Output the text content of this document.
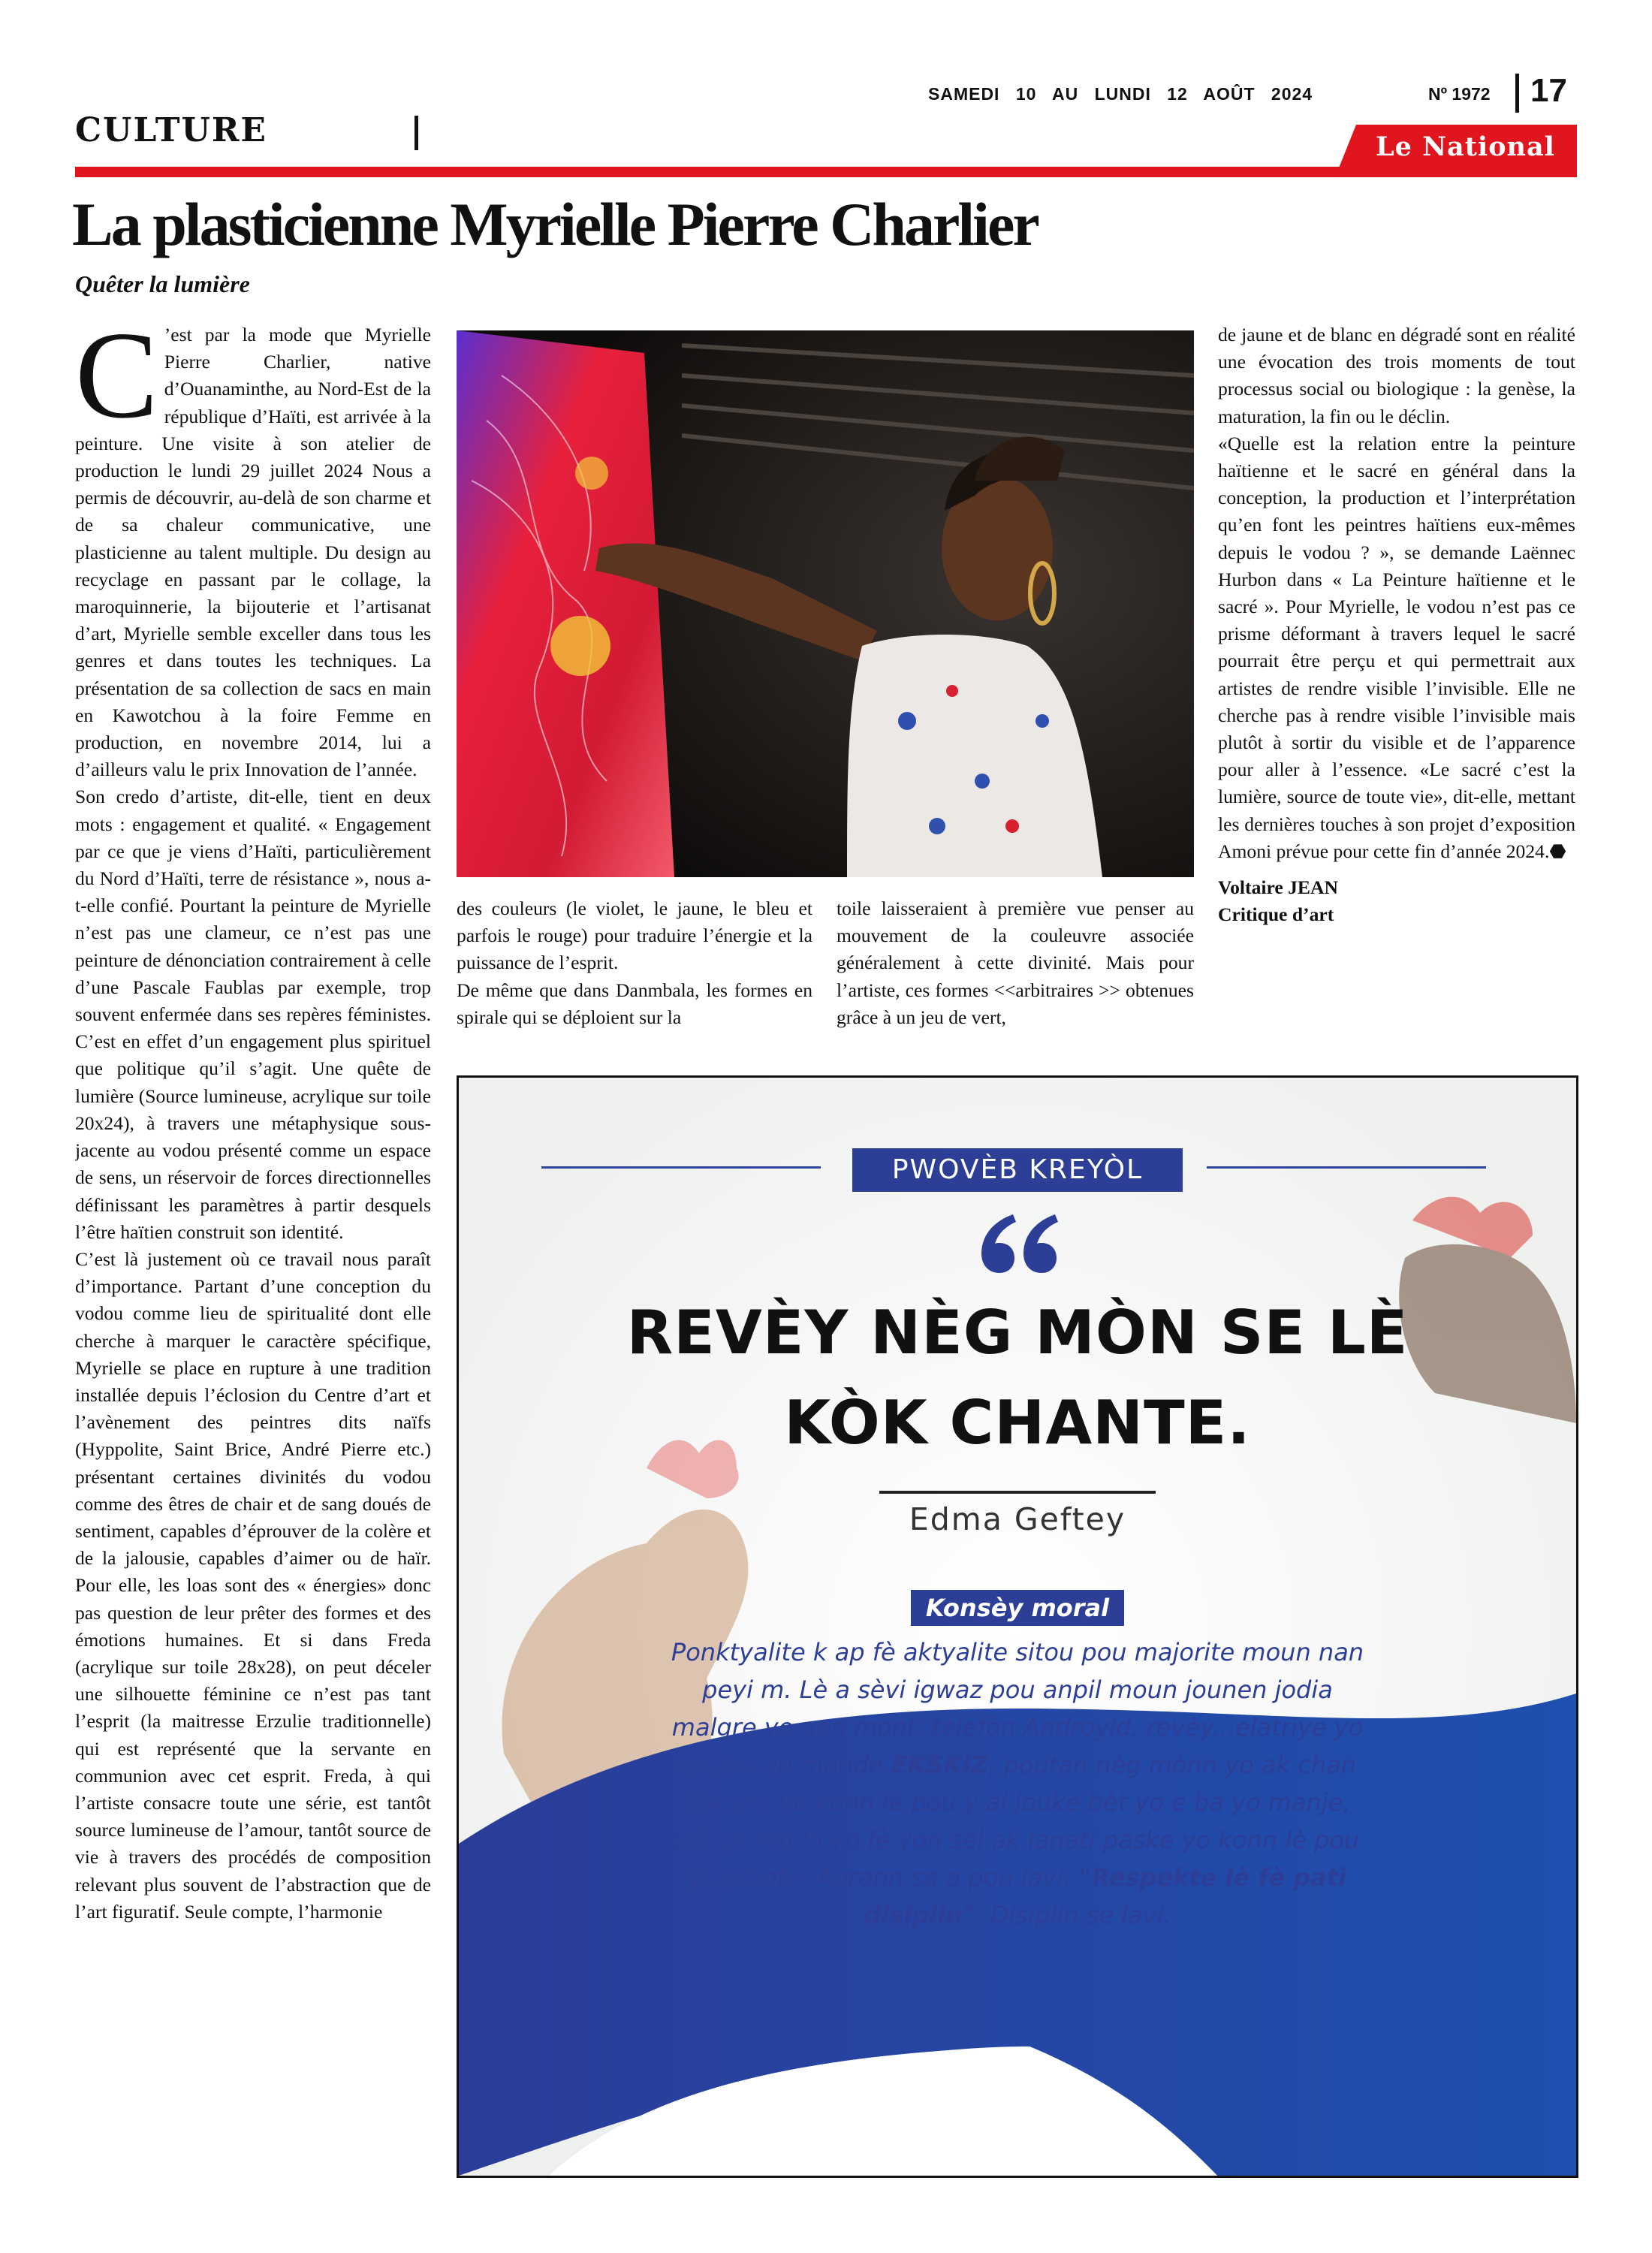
CULTURE
SAMEDI 10 AU LUNDI 12 AOÛT 2024	Nº 1972 17
Le National
La plasticienne Myrielle Pierre Charlier
Quêter la lumière

C ’est par la mode que Myrielle Pierre Charlier, native d’Ouanaminthe, au Nord-Est de la république d’Haïti, est arrivée à la peinture. Une visite à son atelier de production le lundi 29 juillet 2024 Nous a permis de découvrir, au-delà de son charme et de sa chaleur communicative, une plasticienne au talent multiple. Du design au recyclage en passant par le collage, la maroquinnerie, la bijouterie et l’artisanat d’art, Myrielle semble exceller dans tous les genres et dans toutes les techniques. La présentation de sa collection de sacs en main en Kawotchou à la foire Femme en production, en novembre 2014, lui a d’ailleurs valu le prix Innovation de l’année.

Son credo d’artiste, dit-elle, tient en deux mots : engagement et qualité. « Engagement par ce que je viens d’Haïti, particulièrement du Nord d’Haïti, terre de résistance », nous a-t-elle confié. Pourtant la peinture de Myrielle n’est pas une clameur, ce n’est pas une peinture de dénonciation contrairement à celle d’une Pascale Faublas par exemple, trop souvent enfermée dans ses repères féministes. C’est en effet d’un engagement plus spirituel que politique qu’il s’agit. Une quête de lumière (Source lumineuse, acrylique sur toile 20x24), à travers une métaphysique sous-jacente au vodou présenté comme un espace de sens, un réservoir de forces directionnelles définissant les paramètres à partir desquels l’être haïtien construit son identité.

C’est là justement où ce travail nous paraît d’importance. Partant d’une conception du vodou comme lieu de spiritualité dont elle cherche à marquer le caractère spécifique, Myrielle se place en rupture à une tradition installée depuis l’éclosion du Centre d’art et l’avènement des peintres dits naïfs (Hyppolite, Saint Brice, André Pierre etc.) présentant certaines divinités du vodou comme des êtres de chair et de sang doués de sentiment, capables d’éprouver de la colère et de la jalousie, capables d’aimer ou de haïr. Pour elle, les loas sont des « énergies» donc pas question de leur prêter des formes et des émotions humaines. Et si dans Freda (acrylique sur toile 28x28), on peut déceler une silhouette féminine ce n’est pas tant l’esprit (la maitresse Erzulie traditionnelle) qui est représenté que la servante en communion avec cet esprit. Freda, à qui l’artiste consacre toute une série, est tantôt source lumineuse de l’amour, tantôt source de vie à travers des procédés de composition relevant plus souvent de l’abstraction que de l’art figuratif. Seule compte, l’harmonie

des couleurs (le violet, le jaune, le bleu et parfois le rouge) pour traduire l’énergie et la puissance de l’esprit.

De même que dans Danmbala, les formes en spirale qui se déploient sur la

toile laisseraient à première vue penser au mouvement de la couleuvre associée généralement à cette divinité. Mais pour l’artiste, ces formes <<arbitraires >> obtenues grâce à un jeu de vert,

de jaune et de blanc en dégradé sont en réalité une évocation des trois moments de tout processus social ou biologique : la genèse, la maturation, la fin ou le déclin.

«Quelle est la relation entre la peinture haïtienne et le sacré en général dans la conception, la production et l’interprétation qu’en font les peintres haïtiens eux-mêmes depuis le vodou ? », se demande Laënnec Hurbon dans « La Peinture haïtienne et le sacré ». Pour Myrielle, le vodou n’est pas ce prisme déformant à travers lequel le sacré pourrait être perçu et qui permettrait aux artistes de rendre visible l’invisible. Elle ne cherche pas à rendre visible l’invisible mais plutôt à sortir du visible et de l’apparence pour aller à l’essence. «Le sacré c’est la lumière, source de toute vie», dit-elle, mettant les dernières touches à son projet d’exposition Amoni prévue pour cette fin d’année 2024.⬣

Voltaire JEAN

Critique d’art

PWOVÈB KREYÒL
REVÈY NÈG MÒN SE LÈ KÒK CHANTE.
Edma Geftey
Konsèy moral
Ponktyalite k ap fè aktyalite sitou pou majorite moun nan peyi m. Lè a sèvi igwaz pou anpil moun jounen jodia malgre yo gen mont, telefòn Androyid, revèy...elatriye yo toujou ap mande EKSKIZ, poutan nèg mònn yo ak chan kòk yo, yo konn lè pou y al jouke bèt yo e ba yo manje, sak pi rèd la yo fè yon sèl ak lanati paske yo konn lè pou yo plante. Aprann sa a pou lavi: "Respekte lè fè pati disiplin". Disiplin se lavi.
